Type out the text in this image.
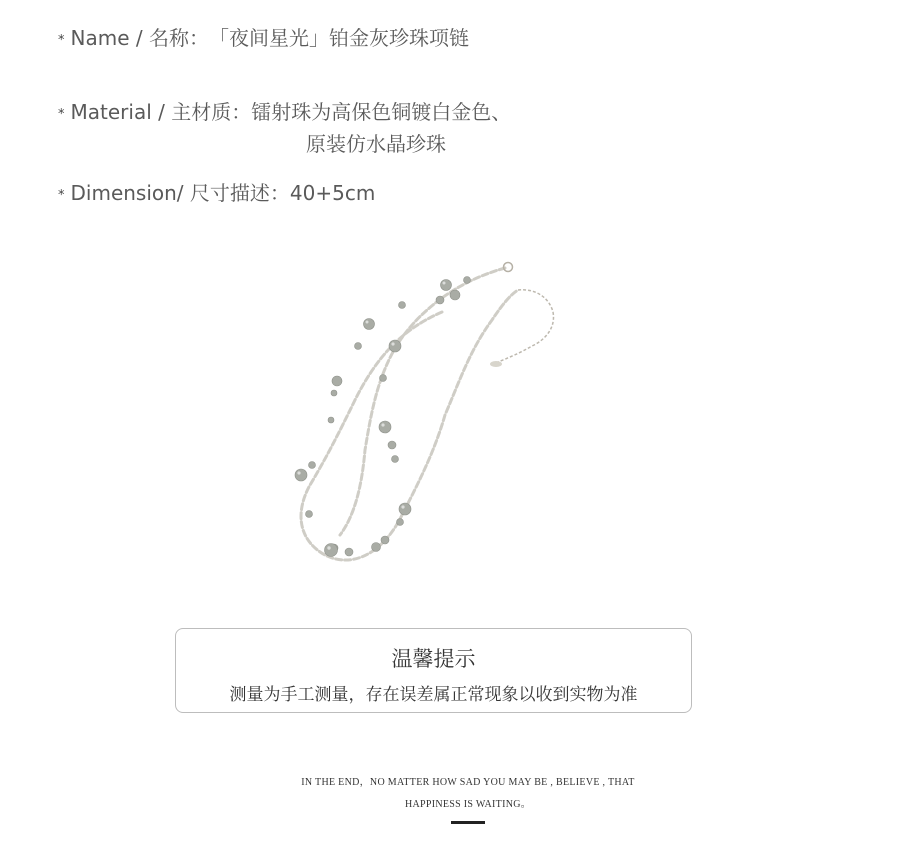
* Name / 名称： 「夜间星光」铂金灰珍珠项链
* Material / 主材质： 镭射珠为高保色铜镀白金色、
原装仿水晶珍珠
* Dimension/ 尺寸描述： 40+5cm
温馨提示
测量为手工测量，存在误差属正常现象以收到实物为准
IN THE END，NO MATTER HOW SAD YOU MAY BE , BELIEVE , THAT
HAPPINESS IS WAITING。
